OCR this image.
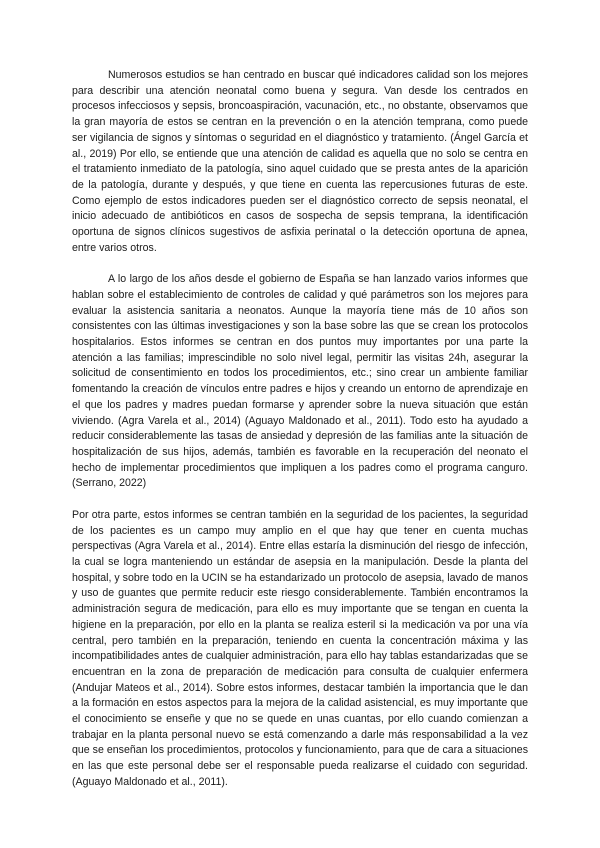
Numerosos estudios se han centrado en buscar qué indicadores calidad son los mejores para describir una atención neonatal como buena y segura. Van desde los centrados en procesos infecciosos y sepsis, broncoaspiración, vacunación, etc., no obstante, observamos que la gran mayoría de estos se centran en la prevención o en la atención temprana, como puede ser vigilancia de signos y síntomas o seguridad en el diagnóstico y tratamiento. (Ángel García et al., 2019) Por ello, se entiende que una atención de calidad es aquella que no solo se centra en el tratamiento inmediato de la patología, sino aquel cuidado que se presta antes de la aparición de la patología, durante y después, y que tiene en cuenta las repercusiones futuras de este. Como ejemplo de estos indicadores pueden ser el diagnóstico correcto de sepsis neonatal, el inicio adecuado de antibióticos en casos de sospecha de sepsis temprana, la identificación oportuna de signos clínicos sugestivos de asfixia perinatal o la detección oportuna de apnea, entre varios otros.

A lo largo de los años desde el gobierno de España se han lanzado varios informes que hablan sobre el establecimiento de controles de calidad y qué parámetros son los mejores para evaluar la asistencia sanitaria a neonatos. Aunque la mayoría tiene más de 10 años son consistentes con las últimas investigaciones y son la base sobre las que se crean los protocolos hospitalarios. Estos informes se centran en dos puntos muy importantes por una parte la atención a las familias; imprescindible no solo nivel legal, permitir las visitas 24h, asegurar la solicitud de consentimiento en todos los procedimientos, etc.; sino crear un ambiente familiar fomentando la creación de vínculos entre padres e hijos y creando un entorno de aprendizaje en el que los padres y madres puedan formarse y aprender sobre la nueva situación que están viviendo. (Agra Varela et al., 2014) (Aguayo Maldonado et al., 2011). Todo esto ha ayudado a reducir considerablemente las tasas de ansiedad y depresión de las familias ante la situación de hospitalización de sus hijos, además, también es favorable en la recuperación del neonato el hecho de implementar procedimientos que impliquen a los padres como el programa canguro. (Serrano, 2022)

Por otra parte, estos informes se centran también en la seguridad de los pacientes, la seguridad de los pacientes es un campo muy amplio en el que hay que tener en cuenta muchas perspectivas (Agra Varela et al., 2014). Entre ellas estaría la disminución del riesgo de infección, la cual se logra manteniendo un estándar de asepsia en la manipulación. Desde la planta del hospital, y sobre todo en la UCIN se ha estandarizado un protocolo de asepsia, lavado de manos y uso de guantes que permite reducir este riesgo considerablemente. También encontramos la administración segura de medicación, para ello es muy importante que se tengan en cuenta la higiene en la preparación, por ello en la planta se realiza esteril si la medicación va por una vía central, pero también en la preparación, teniendo en cuenta la concentración máxima y las incompatibilidades antes de cualquier administración, para ello hay tablas estandarizadas que se encuentran en la zona de preparación de medicación para consulta de cualquier enfermera (Andujar Mateos et al., 2014). Sobre estos informes, destacar también la importancia que le dan a la formación en estos aspectos para la mejora de la calidad asistencial, es muy importante que el conocimiento se enseñe y que no se quede en unas cuantas, por ello cuando comienzan a trabajar en la planta personal nuevo se está comenzando a darle más responsabilidad a la vez que se enseñan los procedimientos, protocolos y funcionamiento, para que de cara a situaciones en las que este personal debe ser el responsable pueda realizarse el cuidado con seguridad. (Aguayo Maldonado et al., 2011).
